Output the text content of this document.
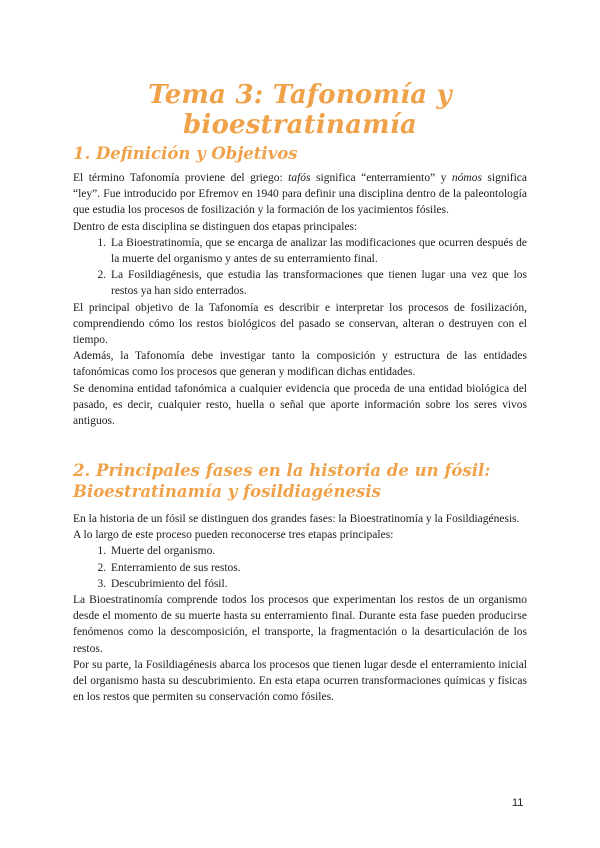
Tema 3: Tafonomía y bioestratinamía
1. Definición y Objetivos

El término Tafonomía proviene del griego: tafós significa “enterramiento” y nómos significa “ley”. Fue introducido por Efremov en 1940 para definir una disciplina dentro de la paleontología que estudia los procesos de fosilización y la formación de los yacimientos fósiles.

Dentro de esta disciplina se distinguen dos etapas principales:

1. La Bioestratinomía, que se encarga de analizar las modificaciones que ocurren después de la muerte del organismo y antes de su enterramiento final.
2. La Fosildiagénesis, que estudia las transformaciones que tienen lugar una vez que los restos ya han sido enterrados.

El principal objetivo de la Tafonomía es describir e interpretar los procesos de fosilización, comprendiendo cómo los restos biológicos del pasado se conservan, alteran o destruyen con el tiempo.

Además, la Tafonomía debe investigar tanto la composición y estructura de las entidades tafonómicas como los procesos que generan y modifican dichas entidades.

Se denomina entidad tafonómica a cualquier evidencia que proceda de una entidad biológica del pasado, es decir, cualquier resto, huella o señal que aporte información sobre los seres vivos antiguos.

2. Principales fases en la historia de un fósil: Bioestratinamía y fosildiagénesis

En la historia de un fósil se distinguen dos grandes fases: la Bioestratinomía y la Fosildiagénesis.

A lo largo de este proceso pueden reconocerse tres etapas principales:

1. Muerte del organismo.
2. Enterramiento de sus restos.
3. Descubrimiento del fósil.

La Bioestratinomía comprende todos los procesos que experimentan los restos de un organismo desde el momento de su muerte hasta su enterramiento final. Durante esta fase pueden producirse fenómenos como la descomposición, el transporte, la fragmentación o la desarticulación de los restos.

Por su parte, la Fosildiagénesis abarca los procesos que tienen lugar desde el enterramiento inicial del organismo hasta su descubrimiento. En esta etapa ocurren transformaciones químicas y físicas en los restos que permiten su conservación como fósiles.

11
